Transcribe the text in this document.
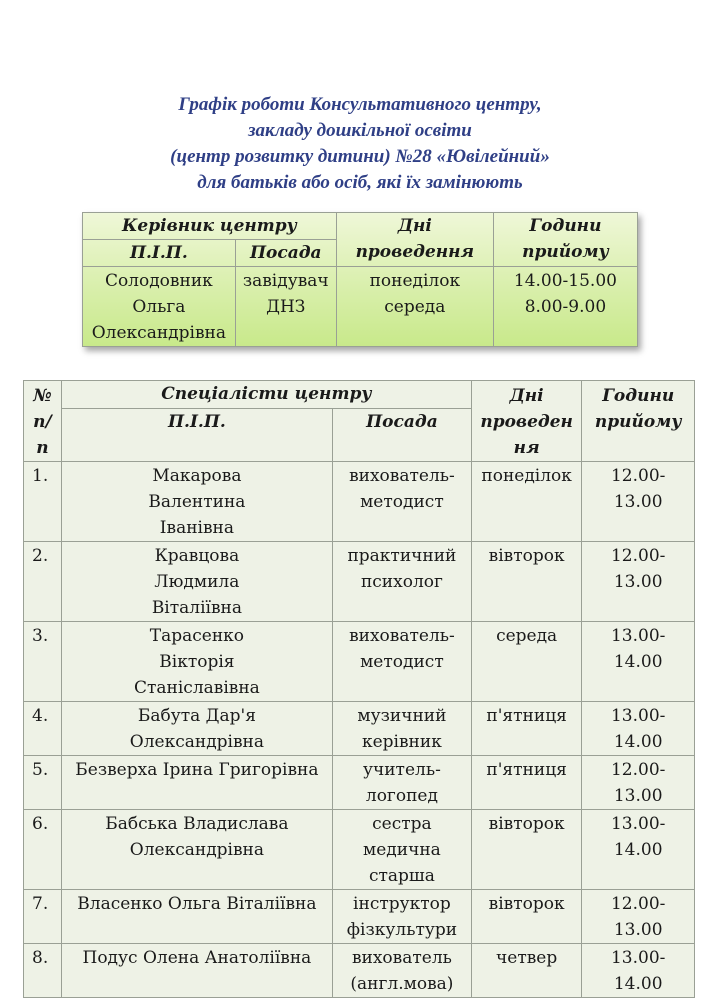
Графік роботи Консультативного центру,
закладу дошкільної освіти
(центр розвитку дитини) №28 «Ювілейний»
для батьків або осіб, які їх замінюють
Керівник центру		Дні проведення	Години прийому
П.І.П.	Посада		
Солодовник Ольга Олександрівна	завідувач ДНЗ	понеділок середа	14.00-15.00 8.00-9.00
№ п/п	Спеціалісти центру		Дні проведен ня	Години прийому
	П.І.П.	Посада		
1.	Макарова Валентина Іванівна	вихователь-методист	понеділок	12.00-13.00
2.	Кравцова Людмила Віталіївна	практичний психолог	вівторок	12.00-13.00
3.	Тарасенко Вікторія Станіславівна	вихователь-методист	середа	13.00-14.00
4.	Бабута Дар'я Олександрівна	музичний керівник	п'ятниця	13.00-14.00
5.	Безверха Ірина Григорівна	учитель-логопед	п'ятниця	12.00-13.00
6.	Бабська Владислава Олександрівна	сестра медична старша	вівторок	13.00-14.00
7.	Власенко Ольга Віталіївна	інструктор фізкультури	вівторок	12.00-13.00
8.	Подус Олена Анатоліївна	вихователь (англ.мова)	четвер	13.00-14.00
